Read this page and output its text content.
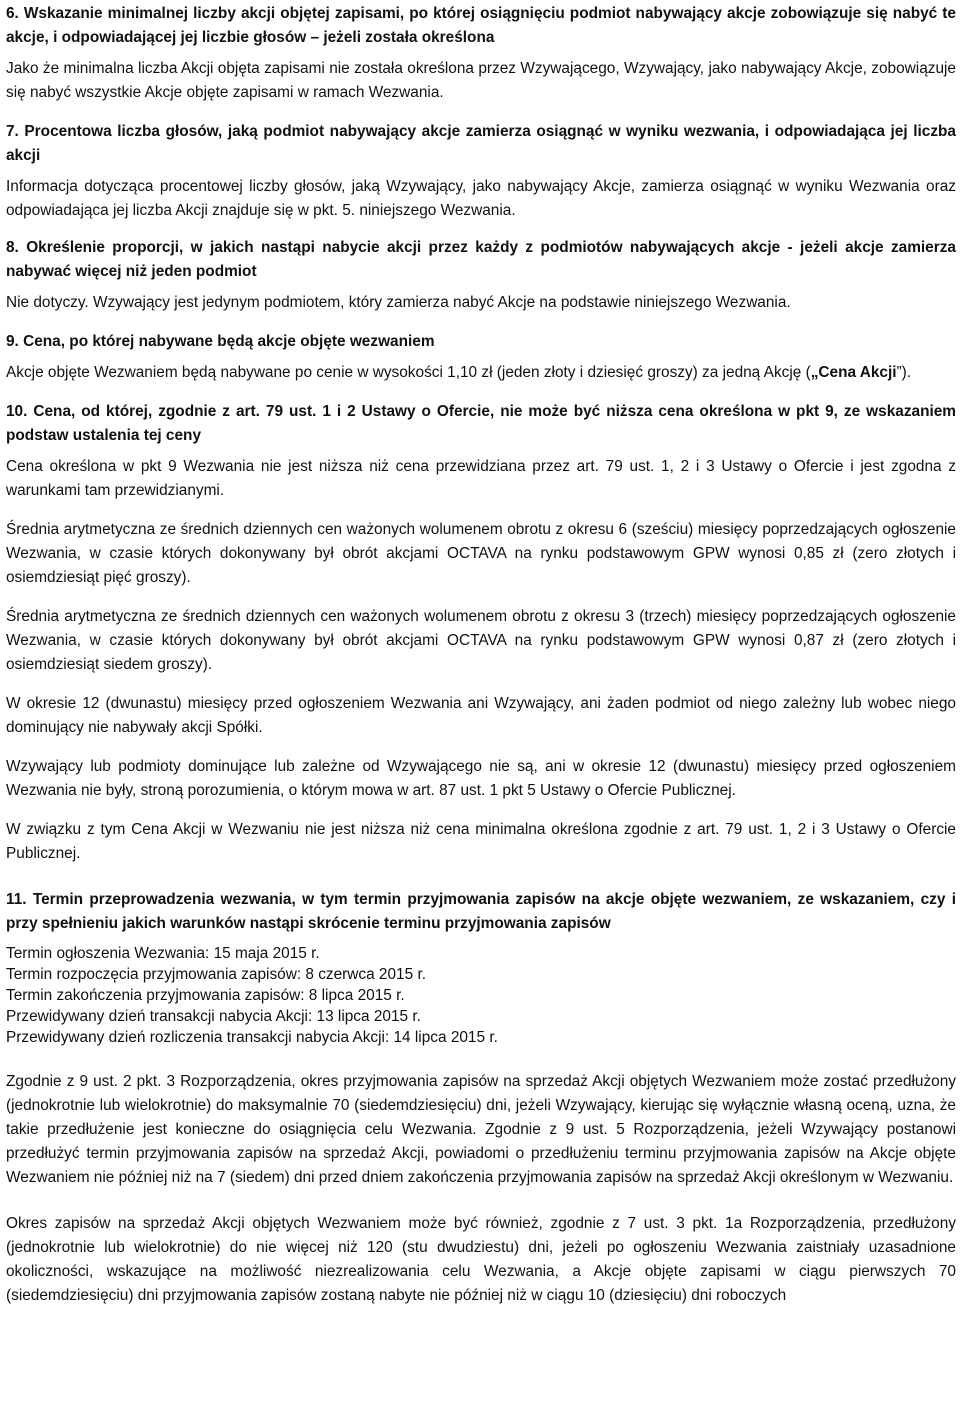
6. Wskazanie minimalnej liczby akcji objętej zapisami, po której osiągnięciu podmiot nabywający akcje zobowiązuje się nabyć te akcje, i odpowiadającej jej liczbie głosów – jeżeli została określona
Jako że minimalna liczba Akcji objęta zapisami nie została określona przez Wzywającego, Wzywający, jako nabywający Akcje, zobowiązuje się nabyć wszystkie Akcje objęte zapisami w ramach Wezwania.
7. Procentowa liczba głosów, jaką podmiot nabywający akcje zamierza osiągnąć w wyniku wezwania, i odpowiadająca jej liczba akcji
Informacja dotycząca procentowej liczby głosów, jaką Wzywający, jako nabywający Akcje, zamierza osiągnąć w wyniku Wezwania oraz odpowiadająca jej liczba Akcji znajduje się w pkt. 5. niniejszego Wezwania.
8. Określenie proporcji, w jakich nastąpi nabycie akcji przez każdy z podmiotów nabywających akcje - jeżeli akcje zamierza nabywać więcej niż jeden podmiot
Nie dotyczy. Wzywający jest jedynym podmiotem, który zamierza nabyć Akcje na podstawie niniejszego Wezwania.
9. Cena, po której nabywane będą akcje objęte wezwaniem
Akcje objęte Wezwaniem będą nabywane po cenie w wysokości 1,10 zł (jeden złoty i dziesięć groszy) za jedną Akcję („Cena Akcji”).
10. Cena, od której, zgodnie z art. 79 ust. 1 i 2 Ustawy o Ofercie, nie może być niższa cena określona w pkt 9, ze wskazaniem podstaw ustalenia tej ceny
Cena określona w pkt 9 Wezwania nie jest niższa niż cena przewidziana przez art. 79 ust. 1, 2 i 3 Ustawy o Ofercie i jest zgodna z warunkami tam przewidzianymi.
Średnia arytmetyczna ze średnich dziennych cen ważonych wolumenem obrotu z okresu 6 (sześciu) miesięcy poprzedzających ogłoszenie Wezwania, w czasie których dokonywany był obrót akcjami OCTAVA na rynku podstawowym GPW wynosi 0,85 zł (zero złotych i osiemdziesiąt pięć groszy).
Średnia arytmetyczna ze średnich dziennych cen ważonych wolumenem obrotu z okresu 3 (trzech) miesięcy poprzedzających ogłoszenie Wezwania, w czasie których dokonywany był obrót akcjami OCTAVA na rynku podstawowym GPW wynosi 0,87 zł (zero złotych i osiemdziesiąt siedem groszy).
W okresie 12 (dwunastu) miesięcy przed ogłoszeniem Wezwania ani Wzywający, ani żaden podmiot od niego zależny lub wobec niego dominujący nie nabywały akcji Spółki.
Wzywający lub podmioty dominujące lub zależne od Wzywającego nie są, ani w okresie 12 (dwunastu) miesięcy przed ogłoszeniem Wezwania nie były, stroną porozumienia, o którym mowa w art. 87 ust. 1 pkt 5 Ustawy o Ofercie Publicznej.
W związku z tym Cena Akcji w Wezwaniu nie jest niższa niż cena minimalna określona zgodnie z art. 79 ust. 1, 2 i 3 Ustawy o Ofercie Publicznej.
11. Termin przeprowadzenia wezwania, w tym termin przyjmowania zapisów na akcje objęte wezwaniem, ze wskazaniem, czy i przy spełnieniu jakich warunków nastąpi skrócenie terminu przyjmowania zapisów
Termin ogłoszenia Wezwania: 15 maja 2015 r.
Termin rozpoczęcia przyjmowania zapisów: 8 czerwca 2015 r.
Termin zakończenia przyjmowania zapisów: 8 lipca 2015 r.
Przewidywany dzień transakcji nabycia Akcji: 13 lipca 2015 r.
Przewidywany dzień rozliczenia transakcji nabycia Akcji: 14 lipca 2015 r.
Zgodnie z 9 ust. 2 pkt. 3 Rozporządzenia, okres przyjmowania zapisów na sprzedaż Akcji objętych Wezwaniem może zostać przedłużony (jednokrotnie lub wielokrotnie) do maksymalnie 70 (siedemdziesięciu) dni, jeżeli Wzywający, kierując się wyłącznie własną oceną, uzna, że takie przedłużenie jest konieczne do osiągnięcia celu Wezwania. Zgodnie z 9 ust. 5 Rozporządzenia, jeżeli Wzywający postanowi przedłużyć termin przyjmowania zapisów na sprzedaż Akcji, powiadomi o przedłużeniu terminu przyjmowania zapisów na Akcje objęte Wezwaniem nie później niż na 7 (siedem) dni przed dniem zakończenia przyjmowania zapisów na sprzedaż Akcji określonym w Wezwaniu.
Okres zapisów na sprzedaż Akcji objętych Wezwaniem może być również, zgodnie z 7 ust. 3 pkt. 1a Rozporządzenia, przedłużony (jednokrotnie lub wielokrotnie) do nie więcej niż 120 (stu dwudziestu) dni, jeżeli po ogłoszeniu Wezwania zaistniały uzasadnione okoliczności, wskazujące na możliwość niezrealizowania celu Wezwania, a Akcje objęte zapisami w ciągu pierwszych 70 (siedemdziesięciu) dni przyjmowania zapisów zostaną nabyte nie później niż w ciągu 10 (dziesięciu) dni roboczych
